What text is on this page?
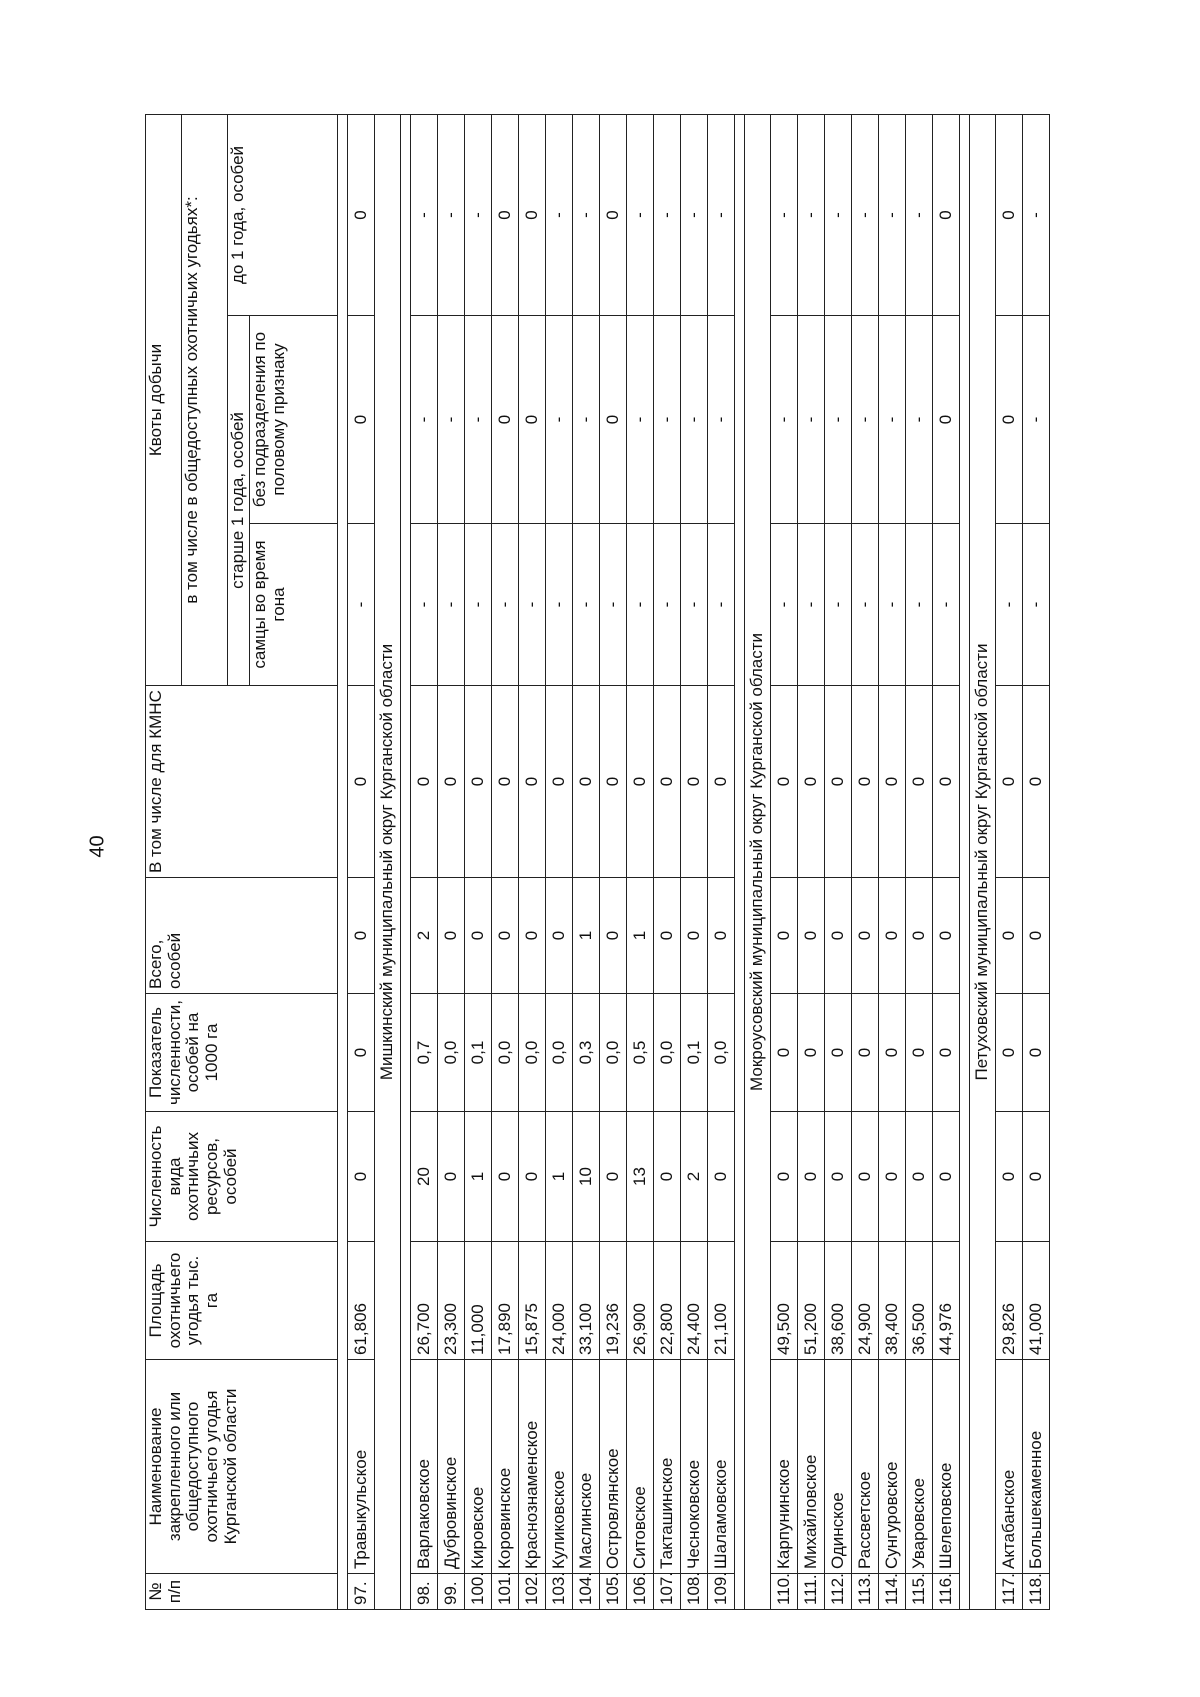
40
№ п/п	Наименование закрепленного или общедоступного охотничьего угодья Курганской области	Площадь охотничьего угодья тыс. га	Численность вида охотничьих ресурсов, особей	Показатель численности, особей на 1000 га	Всего, особей	В том числе для КМНС	Квоты добычи		
							в том числе в общедоступных охотничьих угодьях*:		
							старше 1 года, особей		до 1 года, особей
							самцы во время гона	без подразделения по половому признаку	

97.	Травыкульское	61,806	0	0	0	0	-	0	0
Мишкинский муниципальный округ Курганской области									

98.	Варлаковское	26,700	20	0,7	2	0	-	-	-
99.	Дубровинское	23,300	0	0,0	0	0	-	-	-
100.	Кировское	11,000	1	0,1	0	0	-	-	-
101.	Коровинское	17,890	0	0,0	0	0	-	0	0
102.	Краснознаменское	15,875	0	0,0	0	0	-	0	0
103.	Куликовское	24,000	1	0,0	0	0	-	-	-
104.	Маслинское	33,100	10	0,3	1	0	-	-	-
105.	Островлянское	19,236	0	0,0	0	0	-	0	0
106.	Ситовское	26,900	13	0,5	1	0	-	-	-
107.	Такташинское	22,800	0	0,0	0	0	-	-	-
108.	Чесноковское	24,400	2	0,1	0	0	-	-	-
109.	Шаламовское	21,100	0	0,0	0	0	-	-	-

Мокроусовский муниципальный округ Курганской области									
110.	Карпунинское	49,500	0	0	0	0	-	-	-
111.	Михайловское	51,200	0	0	0	0	-	-	-
112.	Одинское	38,600	0	0	0	0	-	-	-
113.	Рассветское	24,900	0	0	0	0	-	-	-
114.	Сунгуровское	38,400	0	0	0	0	-	-	-
115.	Уваровское	36,500	0	0	0	0	-	-	-
116.	Шелеповское	44,976	0	0	0	0	-	0	0

Петуховский муниципальный округ Курганской области									
117.	Актабанское	29,826	0	0	0	0	-	0	0
118.	Большекаменное	41,000	0	0	0	0	-	-	-
